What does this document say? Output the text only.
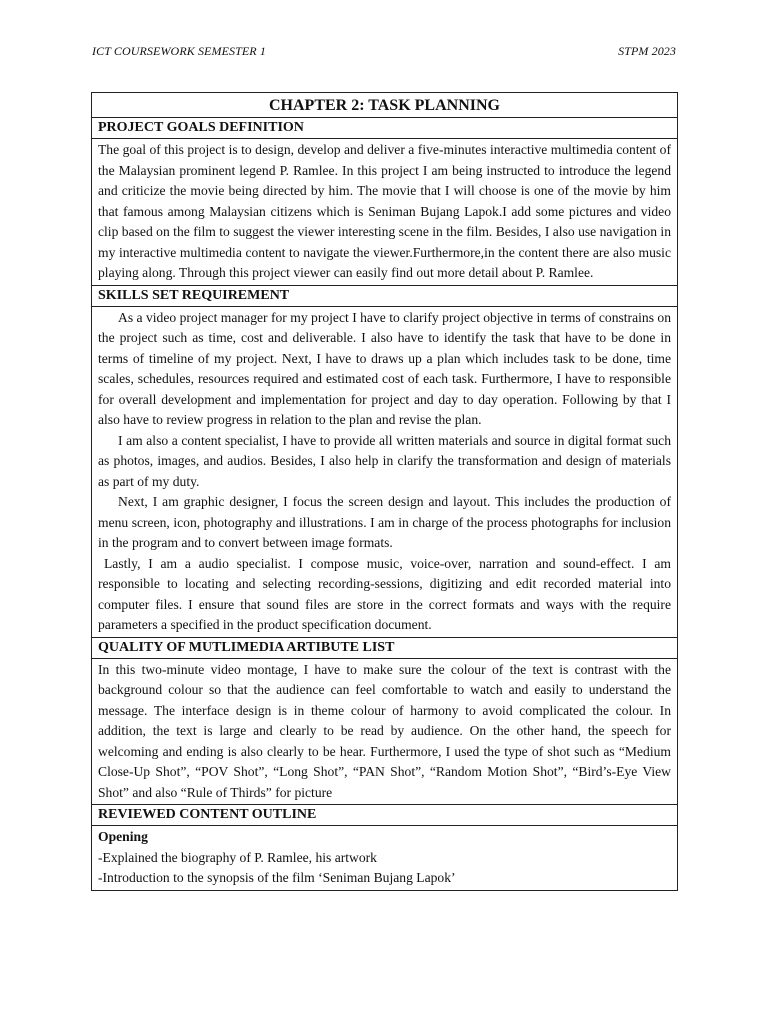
ICT COURSEWORK SEMESTER 1	STPM 2023
CHAPTER 2: TASK PLANNING
PROJECT GOALS DEFINITION

The goal of this project is to design, develop and deliver a five-minutes interactive multimedia content of the Malaysian prominent legend P. Ramlee. In this project I am being instructed to introduce the legend and criticize the movie being directed by him. The movie that I will choose is one of the movie by him that famous among Malaysian citizens which is Seniman Bujang Lapok.I add some pictures and video clip based on the film to suggest the viewer interesting scene in the film. Besides, I also use navigation in my interactive multimedia content to navigate the viewer.Furthermore,in the content there are also music playing along. Through this project viewer can easily find out more detail about P. Ramlee.

SKILLS SET REQUIREMENT

As a video project manager for my project I have to clarify project objective in terms of constrains on the project such as time, cost and deliverable. I also have to identify the task that have to be done in terms of timeline of my project. Next, I have to draws up a plan which includes task to be done, time scales, schedules, resources required and estimated cost of each task. Furthermore, I have to responsible for overall development and implementation for project and day to day operation. Following by that I also have to review progress in relation to the plan and revise the plan.

I am also a content specialist, I have to provide all written materials and source in digital format such as photos, images, and audios. Besides, I also help in clarify the transformation and design of materials as part of my duty.

Next, I am graphic designer, I focus the screen design and layout. This includes the production of menu screen, icon, photography and illustrations. I am in charge of the process photographs for inclusion in the program and to convert between image formats.

Lastly, I am a audio specialist. I compose music, voice-over, narration and sound-effect. I am responsible to locating and selecting recording-sessions, digitizing and edit recorded material into computer files. I ensure that sound files are store in the correct formats and ways with the require parameters a specified in the product specification document.

QUALITY OF MUTLIMEDIA ARTIBUTE LIST

In this two-minute video montage, I have to make sure the colour of the text is contrast with the background colour so that the audience can feel comfortable to watch and easily to understand the message. The interface design is in theme colour of harmony to avoid complicated the colour. In addition, the text is large and clearly to be read by audience. On the other hand, the speech for welcoming and ending is also clearly to be hear. Furthermore, I used the type of shot such as “Medium Close-Up Shot”, “POV Shot”, “Long Shot”, “PAN Shot”, “Random Motion Shot”, “Bird’s-Eye View Shot” and also “Rule of Thirds” for picture

REVIEWED CONTENT OUTLINE

Opening

-Explained the biography of P. Ramlee, his artwork

-Introduction to the synopsis of the film ‘Seniman Bujang Lapok’
